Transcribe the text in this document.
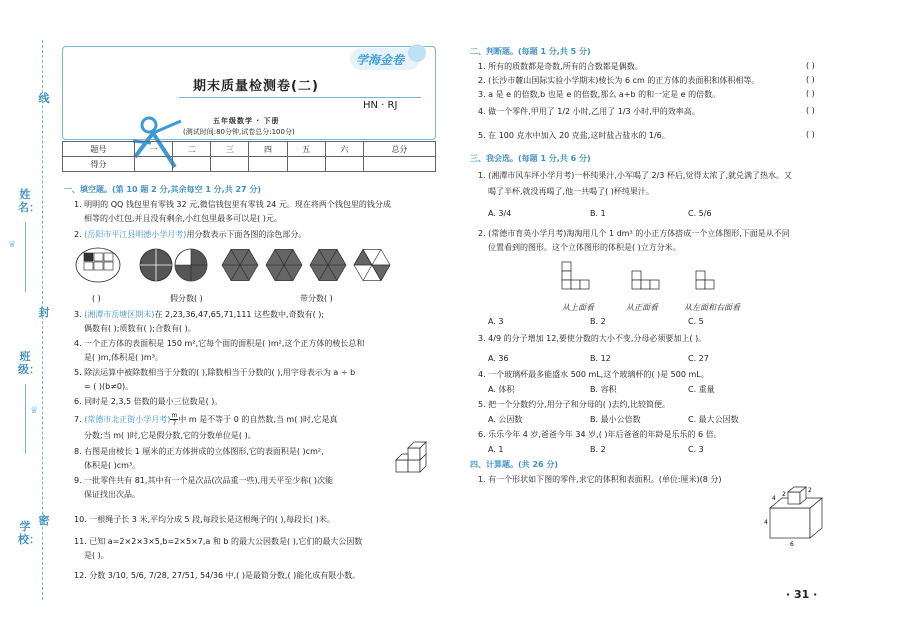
线
封
密
姓名：
班级：
学校：
♛
♛
期末质量检测卷(二)
HN · RJ
五年级数学 · 下册
(测试时间:80分钟,试卷总分:100分)
学海金卷
题号	一	二	三	四	五	六	总分
得分							
一、填空题。(第 10 题 2 分,其余每空 1 分,共 27 分)
1. 明明的 QQ 钱包里有零钱 32 元,微信钱包里有零钱 24 元。现在将两个钱包里的钱分成
相等的小红包,并且没有剩余,小红包里最多可以是( )元。
2. (岳阳市平江县明德小学月考)用分数表示下面各图的涂色部分。
( )	假分数( )	带分数( )
3. (湘潭市岳塘区期末)在 2,23,36,47,65,71,111 这些数中,奇数有( );
偶数有( );质数有( );合数有( )。
4. 一个正方体的表面积是 150 m²,它每个面的面积是( )m²,这个正方体的棱长总和
是( )m,体积是( )m³。
5. 除法运算中被除数相当于分数的( ),除数相当于分数的( ),用字母表示为 a ÷ b
= ( )(b≠0)。
6. 同时是 2,3,5 倍数的最小三位数是( )。
7. (常德市北正街小学月考) $\frac{m}{7}$ 中 m 是不等于 0 的自然数,当 m( )时,它是真
分数;当 m( )时,它是假分数,它的分数单位是( )。
8. 右图是由棱长 1 厘米的正方体拼成的立体图形,它的表面积是( )cm²,
体积是( )cm³。
9. 一批零件共有 81,其中有一个是次品(次品重一些),用天平至少称( )次能
保证找出次品。
10. 一根绳子长 3 米,平均分成 5 段,每段长是这根绳子的( ),每段长( )米。
11. 已知 a=2×2×3×5,b=2×5×7,a 和 b 的最大公因数是( ),它们的最大公因数
是( )。
12. 分数 3/10, 5/6, 7/28, 27/51, 54/36 中,( )是最简分数,( )能化成有限小数。
二、判断题。(每题 1 分,共 5 分)
1. 所有的质数都是奇数,所有的合数都是偶数。	( )
2. (长沙市麓山国际实验小学期末)棱长为 6 cm 的正方体的表面积和体积相等。	( )
3. a 是 e 的倍数,b 也是 e 的倍数,那么 a+b 的和一定是 e 的倍数。	( )
4. 做一个零件,甲用了 1/2 小时,乙用了 1/3 小时,甲的效率高。	( )
5. 在 100 克水中加入 20 克盐,这时盐占盐水的 1/6。	( )
三、我会选。(每题 1 分,共 6 分)
1. (湘潭市风车坪小学月考)一杯纯果汁,小军喝了 2/3 杯后,觉得太浓了,就兑满了热水。又
喝了半杯,就没再喝了,他一共喝了( )杯纯果汁。
A. 3/4	B. 1	C. 5/6
2. (常德市育英小学月考)淘淘用几个 1 dm³ 的小正方体搭成一个立体图形,下面是从不同
位置看到的图形。这个立体图形的体积是( )立方分米。
从上面看	从正面看	从左面和右面看
A. 3	B. 2	C. 5
3. 4/9 的分子增加 12,要使分数的大小不变,分母必须要加上( )。
A. 36	B. 12	C. 27
4. 一个玻璃杯最多能盛水 500 mL,这个玻璃杯的( )是 500 mL。
A. 体积	B. 容积	C. 重量
5. 把一个分数约分,用分子和分母的( )去约,比较简便。
A. 公因数	B. 最小公倍数	C. 最大公因数
6. 乐乐今年 4 岁,爸爸今年 34 岁,( )年后爸爸的年龄是乐乐的 6 倍。
A. 1	B. 2	C. 3
四、计算题。(共 26 分)
1. 有一个形状如下图的零件,求它的体积和表面积。(单位:厘米)(8 分)
4
2
2
4
6
· 31 ·
